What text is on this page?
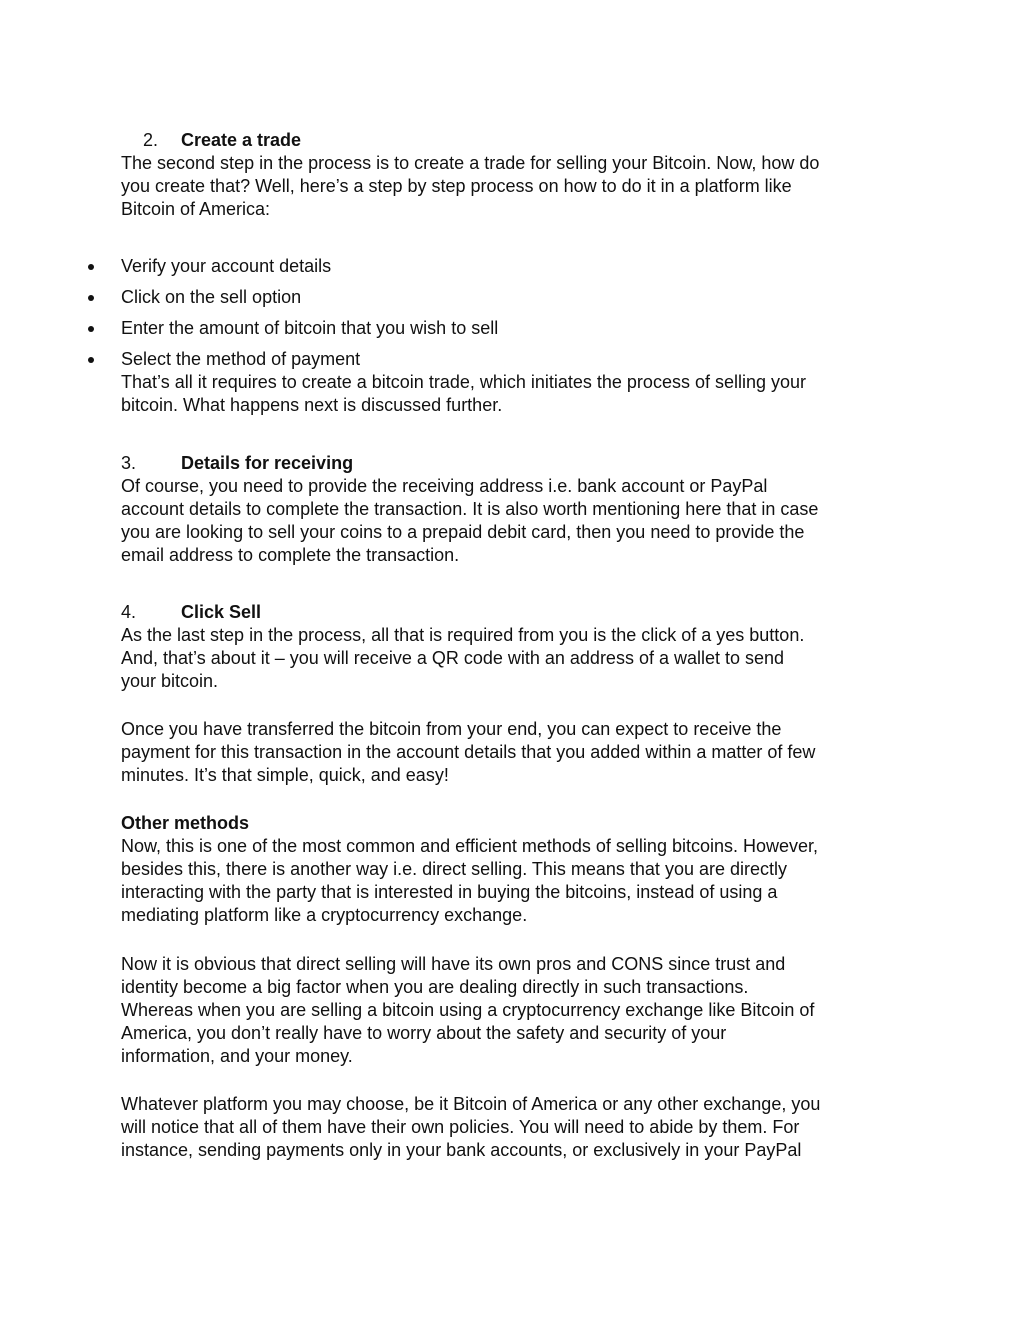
2. Create a trade

The second step in the process is to create a trade for selling your Bitcoin. Now, how do
you create that? Well, here’s a step by step process on how to do it in a platform like
Bitcoin of America:

Verify your account details
Click on the sell option
Enter the amount of bitcoin that you wish to sell
Select the method of payment

That’s all it requires to create a bitcoin trade, which initiates the process of selling your
bitcoin. What happens next is discussed further.

3. Details for receiving

Of course, you need to provide the receiving address i.e. bank account or PayPal
account details to complete the transaction. It is also worth mentioning here that in case
you are looking to sell your coins to a prepaid debit card, then you need to provide the
email address to complete the transaction.

4. Click Sell

As the last step in the process, all that is required from you is the click of a yes button.
And, that’s about it – you will receive a QR code with an address of a wallet to send
your bitcoin.

Once you have transferred the bitcoin from your end, you can expect to receive the
payment for this transaction in the account details that you added within a matter of few
minutes. It’s that simple, quick, and easy!

Other methods

Now, this is one of the most common and efficient methods of selling bitcoins. However,
besides this, there is another way i.e. direct selling. This means that you are directly
interacting with the party that is interested in buying the bitcoins, instead of using a
mediating platform like a cryptocurrency exchange.

Now it is obvious that direct selling will have its own pros and CONS since trust and
identity become a big factor when you are dealing directly in such transactions.
Whereas when you are selling a bitcoin using a cryptocurrency exchange like Bitcoin of
America, you don’t really have to worry about the safety and security of your
information, and your money.

Whatever platform you may choose, be it Bitcoin of America or any other exchange, you
will notice that all of them have their own policies. You will need to abide by them. For
instance, sending payments only in your bank accounts, or exclusively in your PayPal
